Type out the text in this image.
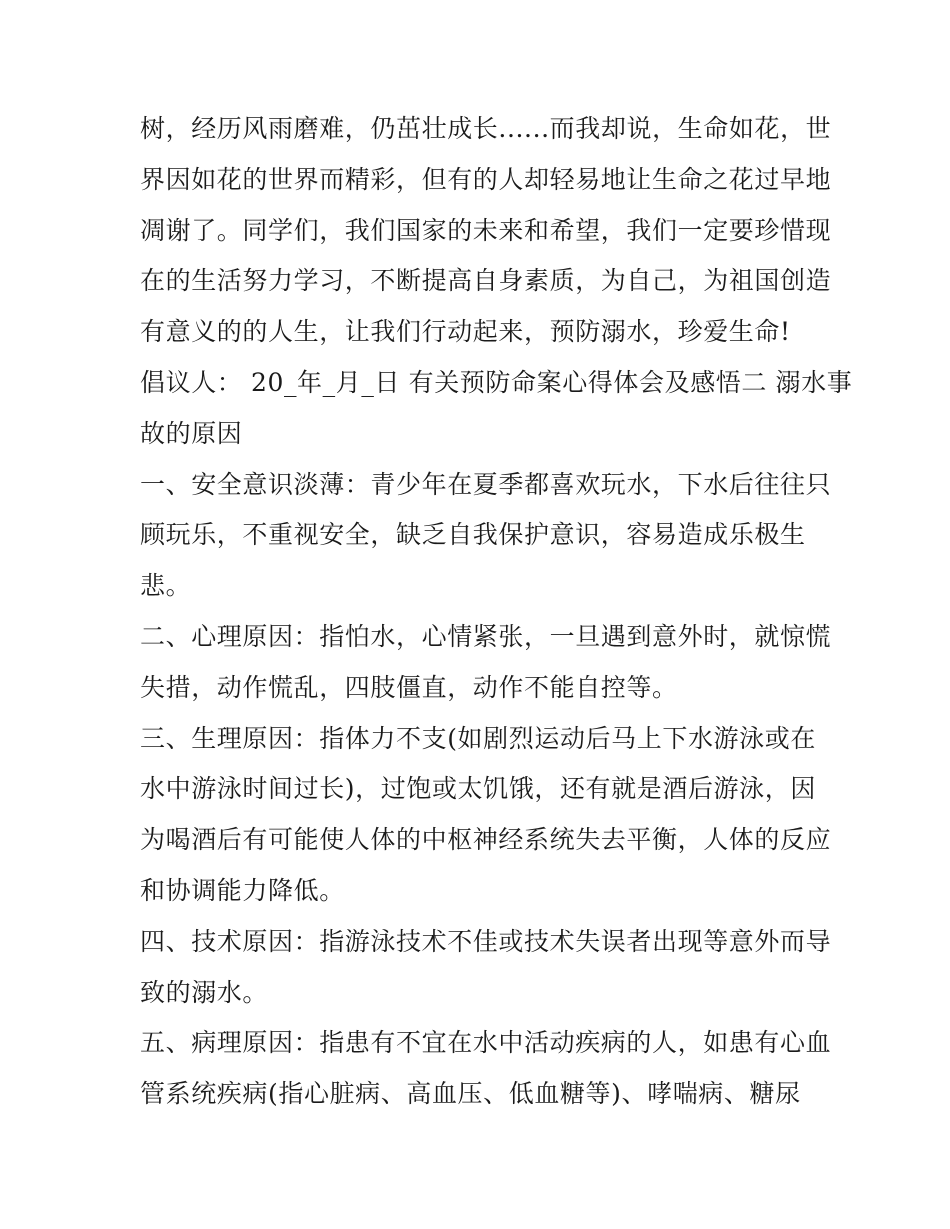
树，经历风雨磨难，仍茁壮成长......而我却说，生命如花，世
界因如花的世界而精彩，但有的人却轻易地让生命之花过早地
凋谢了。同学们，我们国家的未来和希望，我们一定要珍惜现
在的生活努力学习，不断提高自身素质，为自己，为祖国创造
有意义的的人生，让我们行动起来，预防溺水，珍爱生命!
倡议人： 20_年_月_日 有关预防命案心得体会及感悟二 溺水事
故的原因
一、安全意识淡薄：青少年在夏季都喜欢玩水，下水后往往只
顾玩乐，不重视安全，缺乏自我保护意识，容易造成乐极生
悲。
二、心理原因：指怕水，心情紧张，一旦遇到意外时，就惊慌
失措，动作慌乱，四肢僵直，动作不能自控等。
三、生理原因：指体力不支(如剧烈运动后马上下水游泳或在
水中游泳时间过长)，过饱或太饥饿，还有就是酒后游泳，因
为喝酒后有可能使人体的中枢神经系统失去平衡，人体的反应
和协调能力降低。
四、技术原因：指游泳技术不佳或技术失误者出现等意外而导
致的溺水。
五、病理原因：指患有不宜在水中活动疾病的人，如患有心血
管系统疾病(指心脏病、高血压、低血糖等)、哮喘病、糖尿
